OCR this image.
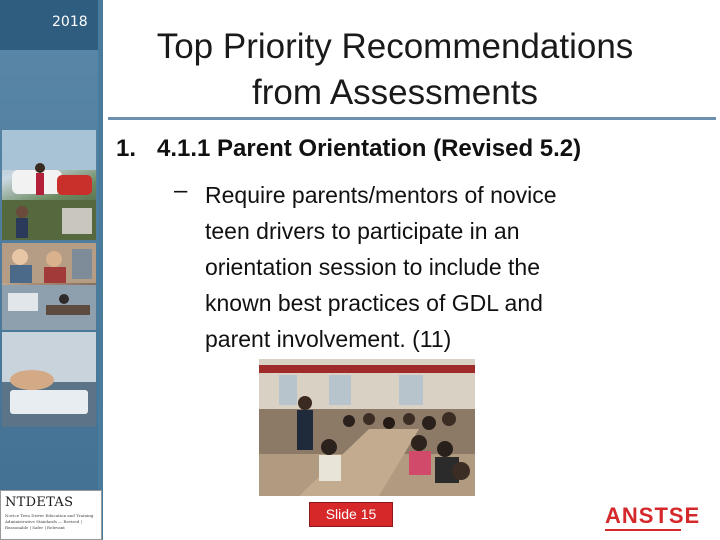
2018
NTDETAS
Novice Teen Driver Education and Training Administrative Standards — Revised | Reasonable | Safer | Relevant
Top Priority Recommendations
from Assessments
1. 4.1.1 Parent Orientation (Revised 5.2)
– Require parents/mentors of novice
teen drivers to participate in an
orientation session to include the
known best practices of GDL and
parent involvement. (11)
Slide 15	ANSTSE
